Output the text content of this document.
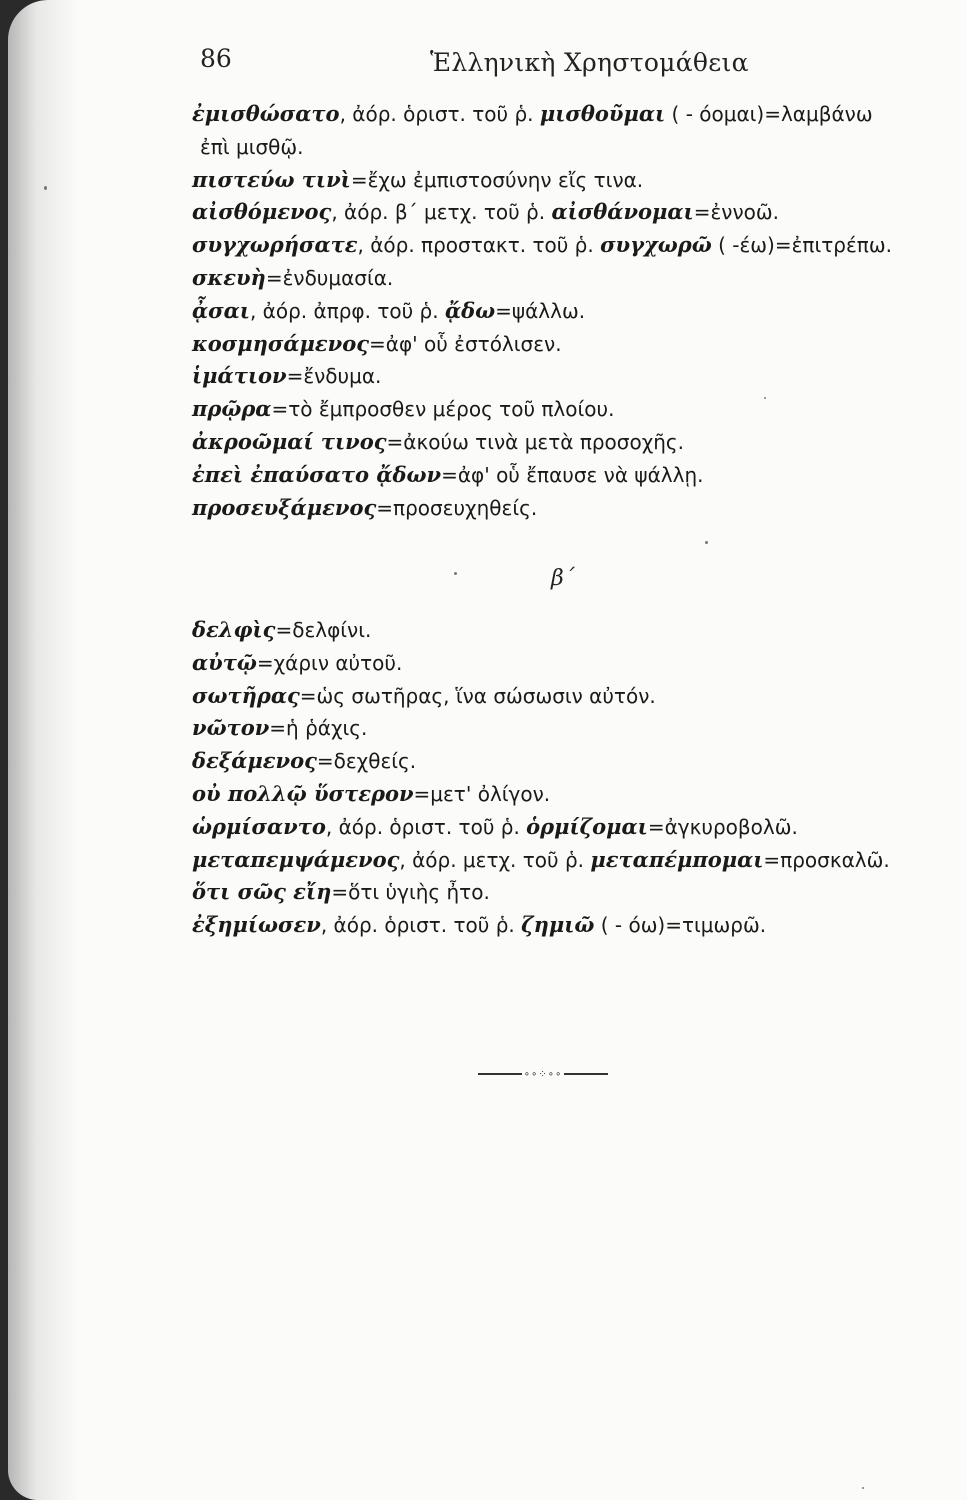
86	Ἑλληνικὴ Χρηστομάθεια
ἐμισθώσατο, ἀόρ. ὁριστ. τοῦ ῥ. μισθοῦμαι ( - όομαι)=λαμβάνω
ἐπὶ μισθῷ.
πιστεύω τινὶ=ἔχω ἐμπιστοσύνην εἴς τινα.
αἰσθόμενος, ἀόρ. β΄ μετχ. τοῦ ῥ. αἰσθάνομαι=ἐννοῶ.
συγχωρήσατε, ἀόρ. προστακτ. τοῦ ῥ. συγχωρῶ ( -έω)=ἐπιτρέπω.
σκευὴ=ἐνδυμασία.
ᾆσαι, ἀόρ. ἀπρφ. τοῦ ῥ. ᾄδω=ψάλλω.
κοσμησάμενος=ἀφ' οὗ ἐστόλισεν.
ἱμάτιον=ἔνδυμα.
πρῷρα=τὸ ἔμπροσθεν μέρος τοῦ πλοίου.
ἀκροῶμαί τινος=ἀκούω τινὰ μετὰ προσοχῆς.
ἐπεὶ ἐπαύσατο ᾄδων=ἀφ' οὗ ἔπαυσε νὰ ψάλλῃ.
προσευξάμενος=προσευχηθείς.
β΄
δελφὶς=δελφίνι.
αὐτῷ=χάριν αὐτοῦ.
σωτῆρας=ὡς σωτῆρας, ἵνα σώσωσιν αὐτόν.
νῶτον=ἡ ῥάχις.
δεξάμενος=δεχθείς.
οὐ πολλῷ ὕστερον=μετ' ὀλίγον.
ὡρμίσαντο, ἀόρ. ὁριστ. τοῦ ῥ. ὁρμίζομαι=ἀγκυροβολῶ.
μεταπεμψάμενος, ἀόρ. μετχ. τοῦ ῥ. μεταπέμπομαι=προσκαλῶ.
ὅτι σῶς εἴη=ὅτι ὑγιὴς ἦτο.
ἐξημίωσεν, ἀόρ. ὁριστ. τοῦ ῥ. ζημιῶ ( - όω)=τιμωρῶ.
∘∘⁘∘∘
